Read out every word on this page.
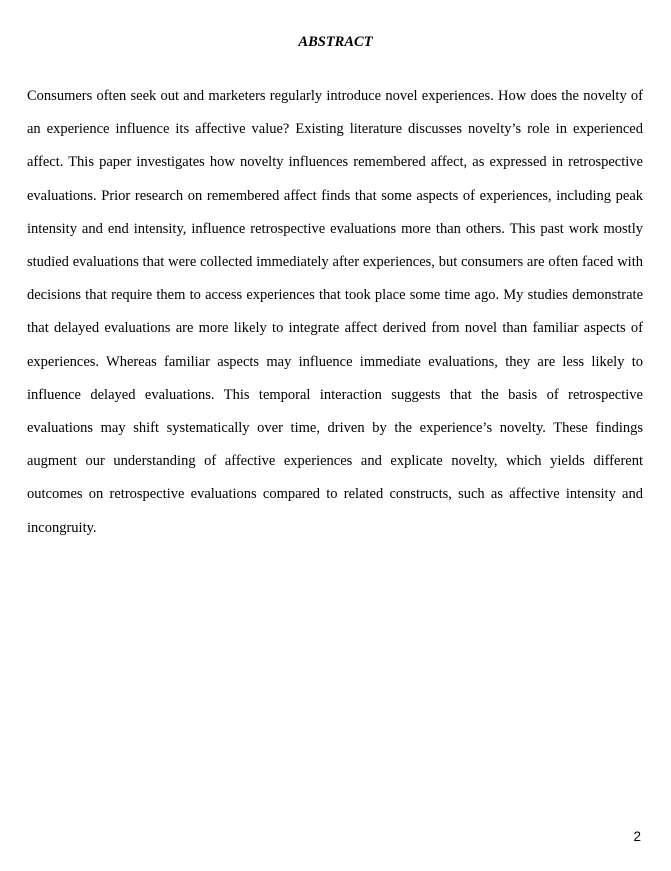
ABSTRACT
Consumers often seek out and marketers regularly introduce novel experiences. How does the novelty of
an experience influence its affective value? Existing literature discusses novelty’s role in experienced
affect. This paper investigates how novelty influences remembered affect, as expressed in retrospective
evaluations. Prior research on remembered affect finds that some aspects of experiences, including peak
intensity and end intensity, influence retrospective evaluations more than others. This past work mostly
studied evaluations that were collected immediately after experiences, but consumers are often faced with
decisions that require them to access experiences that took place some time ago. My studies demonstrate
that delayed evaluations are more likely to integrate affect derived from novel than familiar aspects of
experiences. Whereas familiar aspects may influence immediate evaluations, they are less likely to
influence delayed evaluations. This temporal interaction suggests that the basis of retrospective
evaluations may shift systematically over time, driven by the experience’s novelty. These findings
augment our understanding of affective experiences and explicate novelty, which yields different
outcomes on retrospective evaluations compared to related constructs, such as affective intensity and
incongruity.
2
